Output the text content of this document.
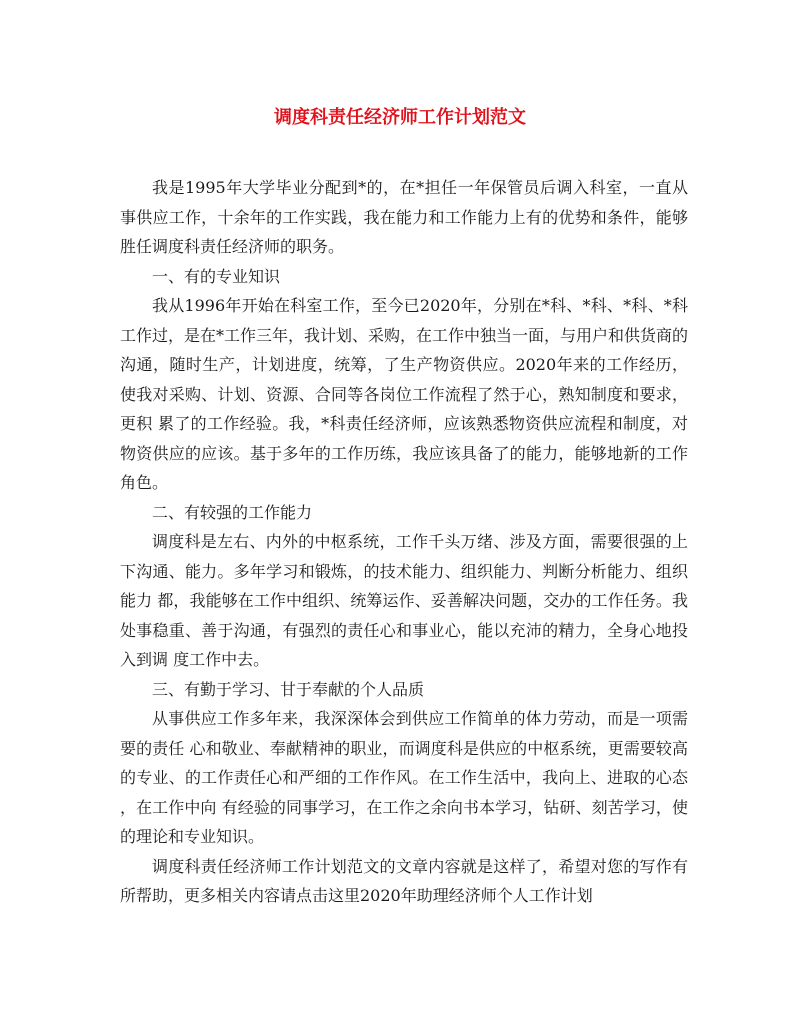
调度科责任经济师工作计划范文

我是1995年大学毕业分配到*的，在*担任一年保管员后调入科室，一直从事供应工作，十余年的工作实践，我在能力和工作能力上有的优势和条件，能够胜任调度科责任经济师的职务。

一、有的专业知识

我从1996年开始在科室工作，至今已2020年，分别在*科、*科、*科、*科工作过，是在*工作三年，我计划、采购，在工作中独当一面，与用户和供货商的沟通，随时生产，计划进度，统筹，了生产物资供应。2020年来的工作经历，使我对采购、计划、资源、合同等各岗位工作流程了然于心，熟知制度和要求，更积 累了的工作经验。我，*科责任经济师，应该熟悉物资供应流程和制度，对物资供应的应该。基于多年的工作历练，我应该具备了的能力，能够地新的工作角色。

二、有较强的工作能力

调度科是左右、内外的中枢系统，工作千头万绪、涉及方面，需要很强的上下沟通、能力。多年学习和锻炼，的技术能力、组织能力、判断分析能力、组织能力 都，我能够在工作中组织、统筹运作、妥善解决问题，交办的工作任务。我处事稳重、善于沟通，有强烈的责任心和事业心，能以充沛的精力，全身心地投入到调 度工作中去。

三、有勤于学习、甘于奉献的个人品质

从事供应工作多年来，我深深体会到供应工作简单的体力劳动，而是一项需要的责任 心和敬业、奉献精神的职业，而调度科是供应的中枢系统，更需要较高的专业、的工作责任心和严细的工作作风。在工作生活中，我向上、进取的心态 ，在工作中向 有经验的同事学习，在工作之余向书本学习，钻研、刻苦学习，使的理论和专业知识。

调度科责任经济师工作计划范文的文章内容就是这样了，希望对您的写作有所帮助，更多相关内容请点击这里2020年助理经济师个人工作计划
